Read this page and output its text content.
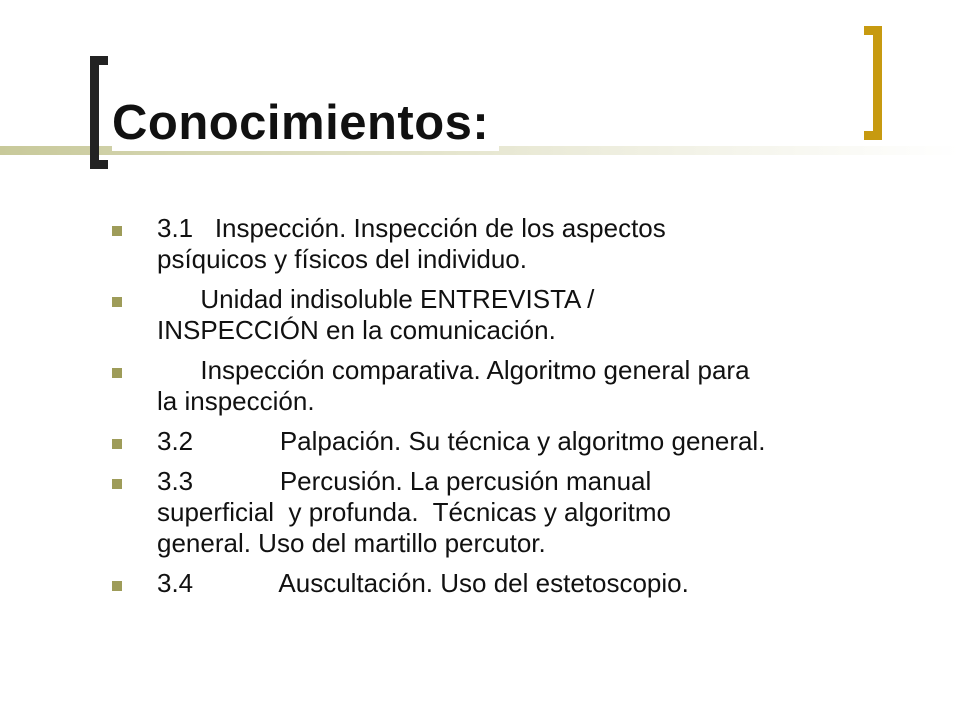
Conocimientos:
3.1   Inspección. Inspección de los aspectos
psíquicos y físicos del individuo.
Unidad indisoluble ENTREVISTA /
INSPECCIÓN en la comunicación.
Inspección comparativa. Algoritmo general para
la inspección.
3.2            Palpación. Su técnica y algoritmo general.
3.3            Percusión. La percusión manual
superficial  y profunda.  Técnicas y algoritmo
general. Uso del martillo percutor.
3.4            Auscultación. Uso del estetoscopio.
